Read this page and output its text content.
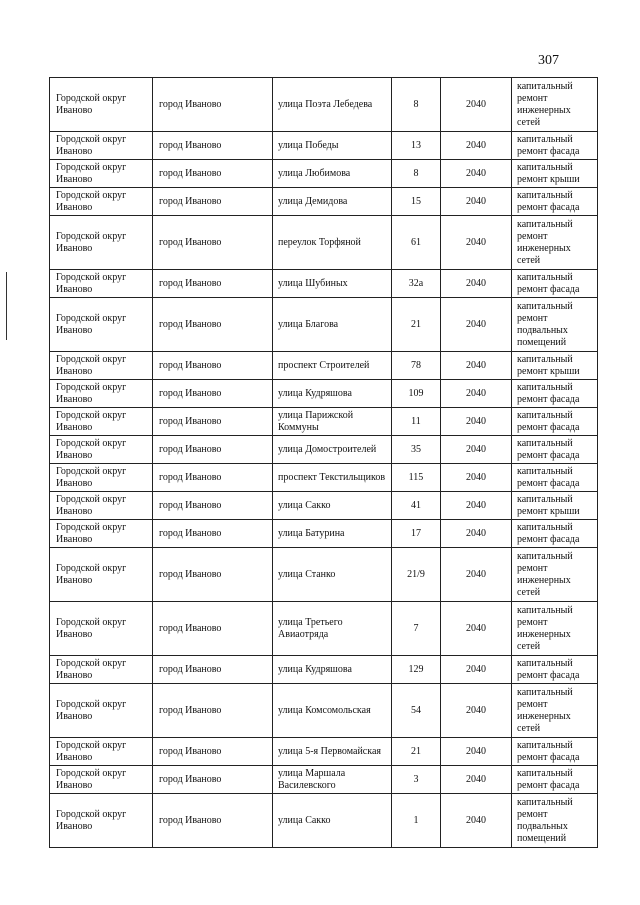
307
Городской округ Иваново	город Иваново	улица Поэта Лебедева	8	2040	капитальный ремонт инженерных сетей
Городской округ Иваново	город Иваново	улица Победы	13	2040	капитальный ремонт фасада
Городской округ Иваново	город Иваново	улица Любимова	8	2040	капитальный ремонт крыши
Городской округ Иваново	город Иваново	улица Демидова	15	2040	капитальный ремонт фасада
Городской округ Иваново	город Иваново	переулок Торфяной	61	2040	капитальный ремонт инженерных сетей
Городской округ Иваново	город Иваново	улица Шубиных	32а	2040	капитальный ремонт фасада
Городской округ Иваново	город Иваново	улица Благова	21	2040	капитальный ремонт подвальных помещений
Городской округ Иваново	город Иваново	проспект Строителей	78	2040	капитальный ремонт крыши
Городской округ Иваново	город Иваново	улица Кудряшова	109	2040	капитальный ремонт фасада
Городской округ Иваново	город Иваново	улица Парижской Коммуны	11	2040	капитальный ремонт фасада
Городской округ Иваново	город Иваново	улица Домостроителей	35	2040	капитальный ремонт фасада
Городской округ Иваново	город Иваново	проспект Текстильщиков	115	2040	капитальный ремонт фасада
Городской округ Иваново	город Иваново	улица Сакко	41	2040	капитальный ремонт крыши
Городской округ Иваново	город Иваново	улица Батурина	17	2040	капитальный ремонт фасада
Городской округ Иваново	город Иваново	улица Станко	21/9	2040	капитальный ремонт инженерных сетей
Городской округ Иваново	город Иваново	улица Третьего Авиаотряда	7	2040	капитальный ремонт инженерных сетей
Городской округ Иваново	город Иваново	улица Кудряшова	129	2040	капитальный ремонт фасада
Городской округ Иваново	город Иваново	улица Комсомольская	54	2040	капитальный ремонт инженерных сетей
Городской округ Иваново	город Иваново	улица 5-я Первомайская	21	2040	капитальный ремонт фасада
Городской округ Иваново	город Иваново	улица Маршала Василевского	3	2040	капитальный ремонт фасада
Городской округ Иваново	город Иваново	улица Сакко	1	2040	капитальный ремонт подвальных помещений
